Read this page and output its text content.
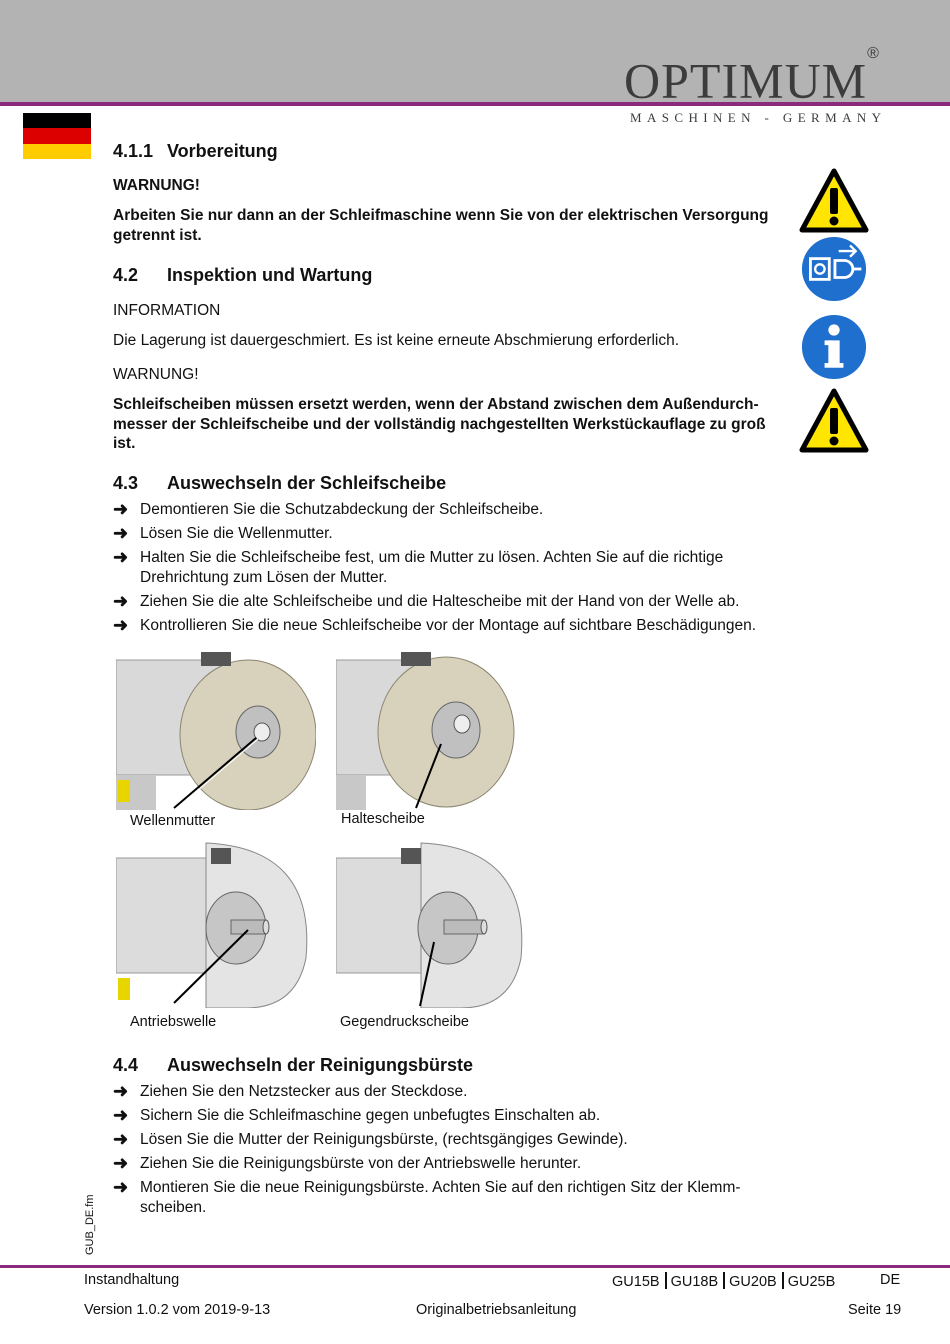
OPTIMUM®
MASCHINEN - GERMANY
4.1.1 Vorbereitung
WARNUNG!
Arbeiten Sie nur dann an der Schleifmaschine wenn Sie von der elektrischen Versorgung getrennt ist.
4.2 Inspektion und Wartung
INFORMATION
Die Lagerung ist dauergeschmiert. Es ist keine erneute Abschmierung erforderlich.
WARNUNG!
Schleifscheiben müssen ersetzt werden, wenn der Abstand zwischen dem Außendurch-messer der Schleifscheibe und der vollständig nachgestellten Werkstückauflage zu groß ist.
4.3 Auswechseln der Schleifscheibe
➜ Demontieren Sie die Schutzabdeckung der Schleifscheibe.
➜ Lösen Sie die Wellenmutter.
➜ Halten Sie die Schleifscheibe fest, um die Mutter zu lösen. Achten Sie auf die richtige Drehrichtung zum Lösen der Mutter.
➜ Ziehen Sie die alte Schleifscheibe und die Haltescheibe mit der Hand von der Welle ab.
➜ Kontrollieren Sie die neue Schleifscheibe vor der Montage auf sichtbare Beschädigungen.
Wellenmutter	Haltescheibe
Antriebswelle	Gegendruckscheibe
4.4 Auswechseln der Reinigungsbürste
➜ Ziehen Sie den Netzstecker aus der Steckdose.
➜ Sichern Sie die Schleifmaschine gegen unbefugtes Einschalten ab.
➜ Lösen Sie die Mutter der Reinigungsbürste, (rechtsgängiges Gewinde).
➜ Ziehen Sie die Reinigungsbürste von der Antriebswelle herunter.
➜ Montieren Sie die neue Reinigungsbürste. Achten Sie auf den richtigen Sitz der Klemm-scheiben.
GUB_DE.fm
Instandhaltung	GU15B GU18B GU20B GU25B	DE
Version 1.0.2 vom 2019-9-13	Originalbetriebsanleitung	Seite 19
